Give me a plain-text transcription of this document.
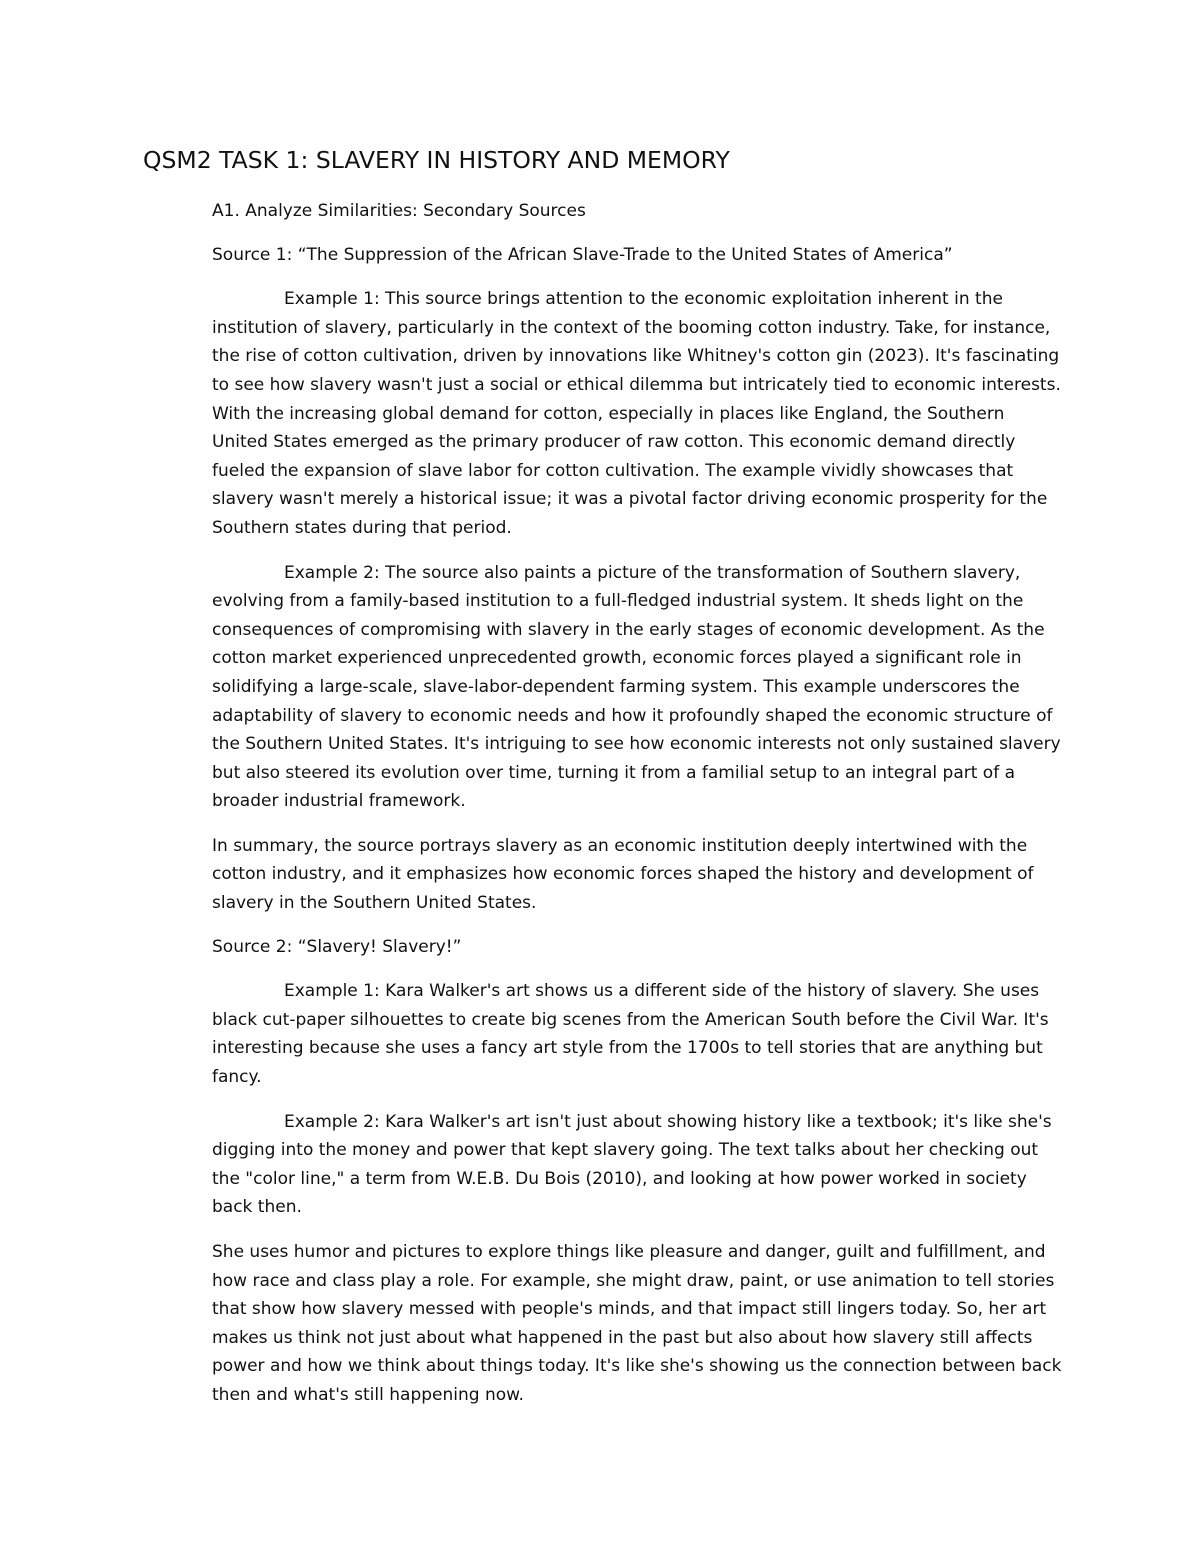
QSM2 TASK 1: SLAVERY IN HISTORY AND MEMORY

A1. Analyze Similarities: Secondary Sources

Source 1: “The Suppression of the African Slave-Trade to the United States of America”

Example 1: This source brings attention to the economic exploitation inherent in the institution of slavery, particularly in the context of the booming cotton industry. Take, for instance, the rise of cotton cultivation, driven by innovations like Whitney's cotton gin (2023). It's fascinating to see how slavery wasn't just a social or ethical dilemma but intricately tied to economic interests. With the increasing global demand for cotton, especially in places like England, the Southern United States emerged as the primary producer of raw cotton. This economic demand directly fueled the expansion of slave labor for cotton cultivation. The example vividly showcases that slavery wasn't merely a historical issue; it was a pivotal factor driving economic prosperity for the Southern states during that period.

Example 2: The source also paints a picture of the transformation of Southern slavery, evolving from a family-based institution to a full-fledged industrial system. It sheds light on the consequences of compromising with slavery in the early stages of economic development. As the cotton market experienced unprecedented growth, economic forces played a significant role in solidifying a large-scale, slave-labor-dependent farming system. This example underscores the adaptability of slavery to economic needs and how it profoundly shaped the economic structure of the Southern United States. It's intriguing to see how economic interests not only sustained slavery but also steered its evolution over time, turning it from a familial setup to an integral part of a broader industrial framework.

In summary, the source portrays slavery as an economic institution deeply intertwined with the cotton industry, and it emphasizes how economic forces shaped the history and development of slavery in the Southern United States.

Source 2: “Slavery! Slavery!”

Example 1: Kara Walker's art shows us a different side of the history of slavery. She uses black cut-paper silhouettes to create big scenes from the American South before the Civil War. It's interesting because she uses a fancy art style from the 1700s to tell stories that are anything but fancy.

Example 2: Kara Walker's art isn't just about showing history like a textbook; it's like she's digging into the money and power that kept slavery going. The text talks about her checking out the "color line," a term from W.E.B. Du Bois (2010), and looking at how power worked in society back then.

She uses humor and pictures to explore things like pleasure and danger, guilt and fulfillment, and how race and class play a role. For example, she might draw, paint, or use animation to tell stories that show how slavery messed with people's minds, and that impact still lingers today. So, her art makes us think not just about what happened in the past but also about how slavery still affects power and how we think about things today. It's like she's showing us the connection between back then and what's still happening now.
